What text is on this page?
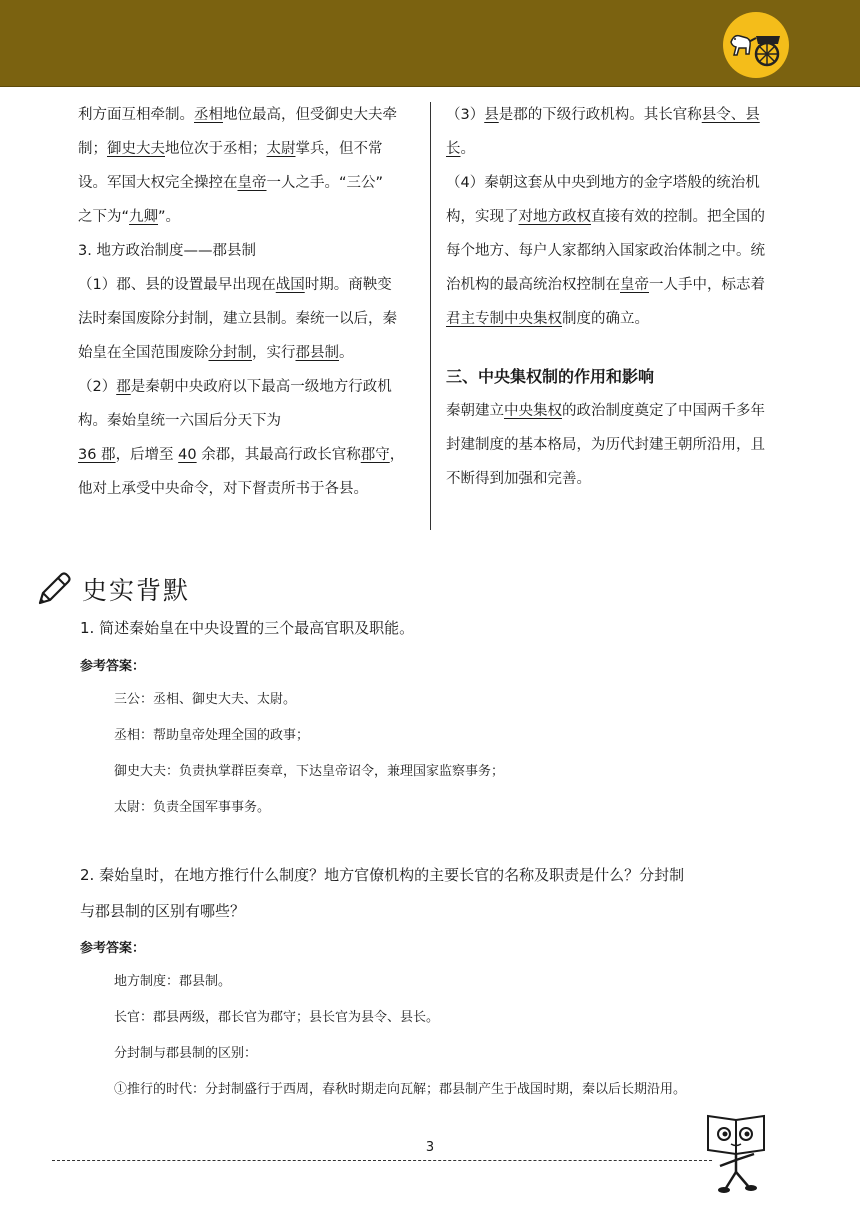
利方面互相牵制。丞相地位最高，但受御史大夫牵

制；御史大夫地位次于丞相；太尉掌兵，但不常

设。军国大权完全操控在皇帝一人之手。“三公”

之下为“九卿”。

3. 地方政治制度——郡县制

（1）郡、县的设置最早出现在战国时期。商鞅变

法时秦国废除分封制，建立县制。秦统一以后，秦

始皇在全国范围废除分封制，实行郡县制。

（2）郡是秦朝中央政府以下最高一级地方行政机

构。秦始皇统一六国后分天下为

36 郡，后增至 40 余郡，其最高行政长官称郡守，

他对上承受中央命令，对下督责所书于各县。

（3）县是郡的下级行政机构。其长官称县令、县

长。

（4）秦朝这套从中央到地方的金字塔般的统治机

构，实现了对地方政权直接有效的控制。把全国的

每个地方、每户人家都纳入国家政治体制之中。统

治机构的最高统治权控制在皇帝一人手中，标志着

君主专制中央集权制度的确立。

三、中央集权制的作用和影响

秦朝建立中央集权的政治制度奠定了中国两千多年

封建制度的基本格局，为历代封建王朝所沿用，且

不断得到加强和完善。

史实背默

1. 简述秦始皇在中央设置的三个最高官职及职能。

参考答案：

三公：丞相、御史大夫、太尉。

丞相：帮助皇帝处理全国的政事；

御史大夫：负责执掌群臣奏章，下达皇帝诏令，兼理国家监察事务；

太尉：负责全国军事事务。

2. 秦始皇时，在地方推行什么制度？地方官僚机构的主要长官的名称及职责是什么？分封制

与郡县制的区别有哪些？

参考答案：

地方制度：郡县制。

长官：郡县两级，郡长官为郡守；县长官为县令、县长。

分封制与郡县制的区别：

①推行的时代：分封制盛行于西周，春秋时期走向瓦解；郡县制产生于战国时期，秦以后长期沿用。

3
